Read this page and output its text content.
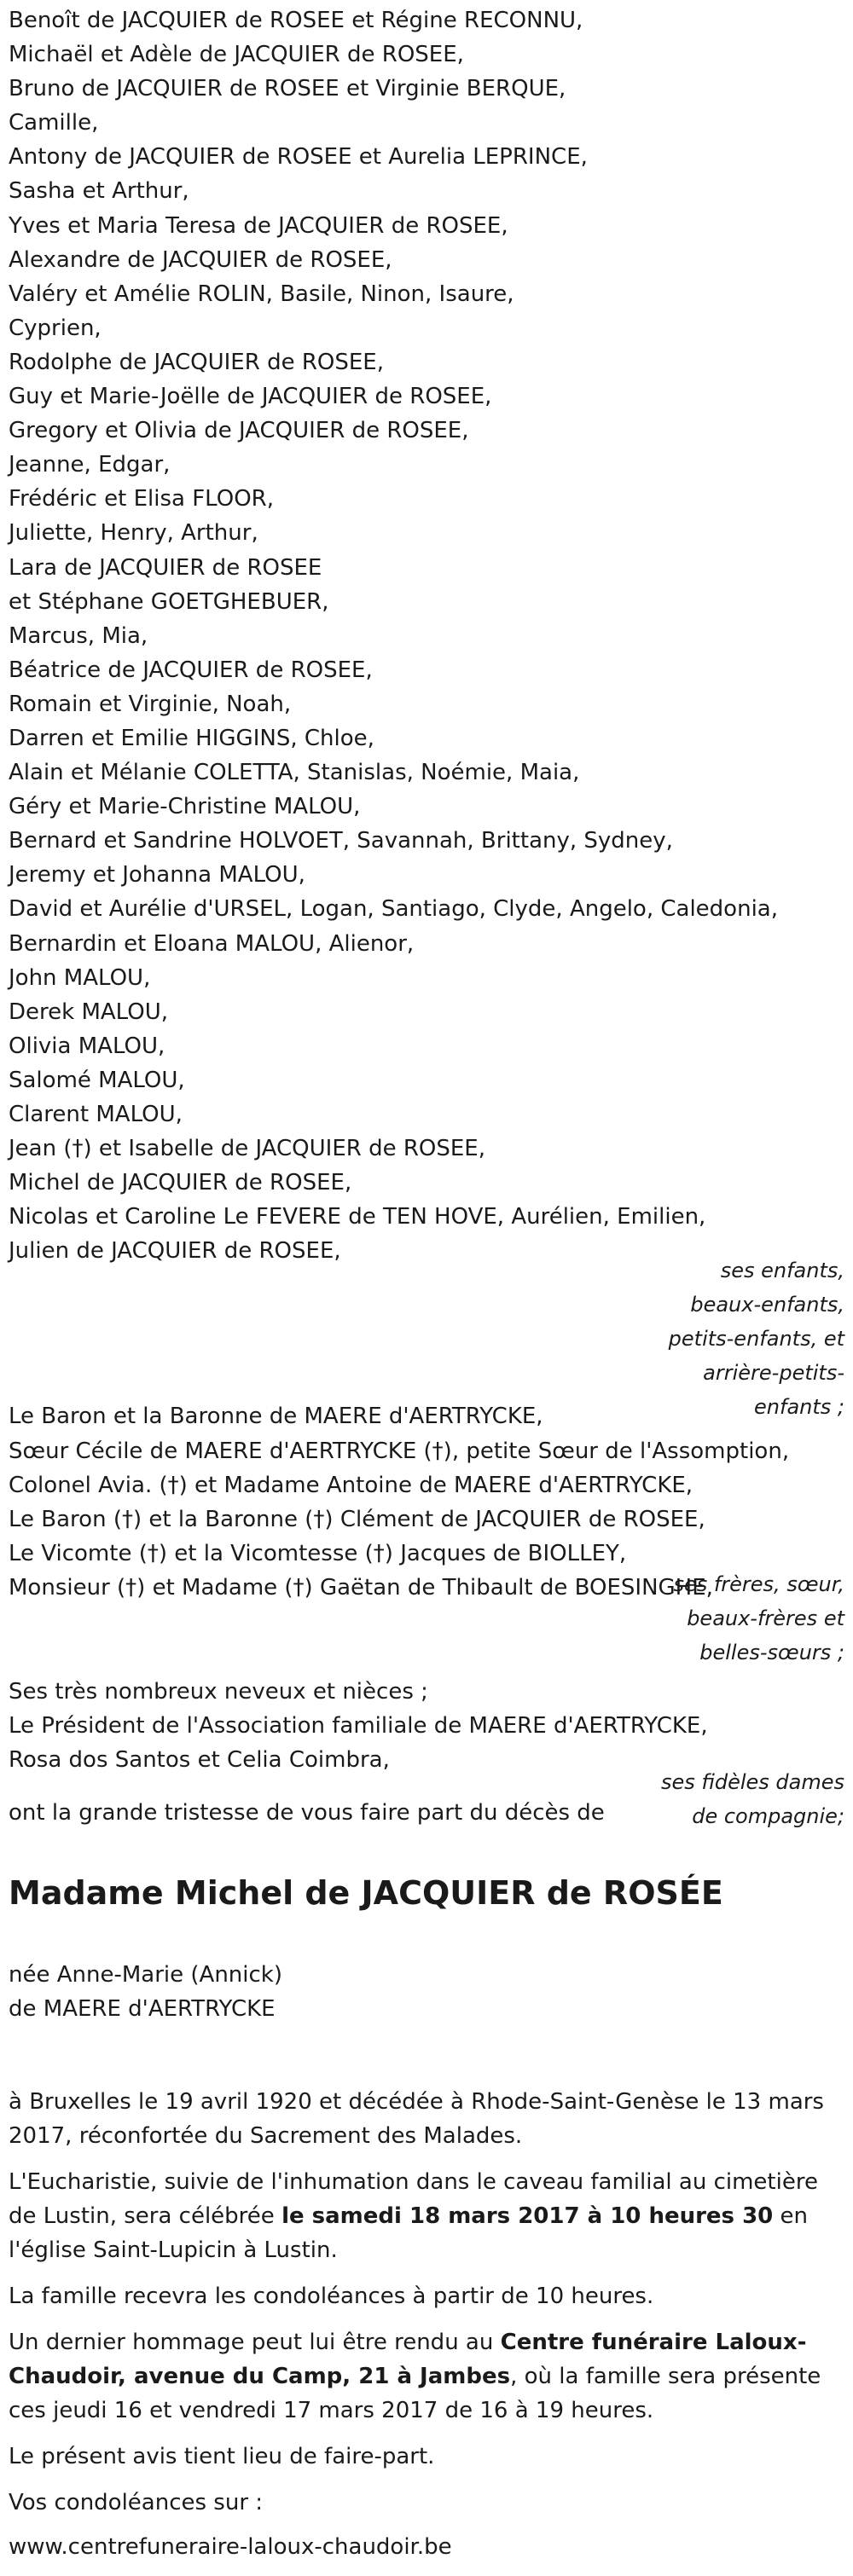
Benoît de JACQUIER de ROSEE et Régine RECONNU,

Michaël et Adèle de JACQUIER de ROSEE,

Bruno de JACQUIER de ROSEE et Virginie BERQUE,

Camille,

Antony de JACQUIER de ROSEE et Aurelia LEPRINCE,

Sasha et Arthur,

Yves et Maria Teresa de JACQUIER de ROSEE,

Alexandre de JACQUIER de ROSEE,

Valéry et Amélie ROLIN, Basile, Ninon, Isaure,

Cyprien,

Rodolphe de JACQUIER de ROSEE,

Guy et Marie-Joëlle de JACQUIER de ROSEE,

Gregory et Olivia de JACQUIER de ROSEE,

Jeanne, Edgar,

Frédéric et Elisa FLOOR,

Juliette, Henry, Arthur,

Lara de JACQUIER de ROSEE

et Stéphane GOETGHEBUER,

Marcus, Mia,

Béatrice de JACQUIER de ROSEE,

Romain et Virginie, Noah,

Darren et Emilie HIGGINS, Chloe,

Alain et Mélanie COLETTA, Stanislas, Noémie, Maia,

Géry et Marie-Christine MALOU,

Bernard et Sandrine HOLVOET, Savannah, Brittany, Sydney,

Jeremy et Johanna MALOU,

David et Aurélie d'URSEL, Logan, Santiago, Clyde, Angelo, Caledonia,

Bernardin et Eloana MALOU, Alienor,

John MALOU,

Derek MALOU,

Olivia MALOU,

Salomé MALOU,

Clarent MALOU,

Jean (†) et Isabelle de JACQUIER de ROSEE,

Michel de JACQUIER de ROSEE,

Nicolas et Caroline Le FEVERE de TEN HOVE, Aurélien, Emilien,

Julien de JACQUIER de ROSEE,

ses enfants, beaux-enfants, petits-enfants, et arrière-petits-enfants ;

Le Baron et la Baronne de MAERE d'AERTRYCKE,

Sœur Cécile de MAERE d'AERTRYCKE (†), petite Sœur de l'Assomption,

Colonel Avia. (†) et Madame Antoine de MAERE d'AERTRYCKE,

Le Baron (†) et la Baronne (†) Clément de JACQUIER de ROSEE,

Le Vicomte (†) et la Vicomtesse (†) Jacques de BIOLLEY,

Monsieur (†) et Madame (†) Gaëtan de Thibault de BOESINGHE,

ses frères, sœur, beaux-frères et belles-sœurs ;

Ses très nombreux neveux et nièces ;

Le Président de l'Association familiale de MAERE d'AERTRYCKE,

Rosa dos Santos et Celia Coimbra,

ses fidèles dames de compagnie;
ont la grande tristesse de vous faire part du décès de
Madame Michel de JACQUIER de ROSÉE
née Anne-Marie (Annick)
de MAERE d'AERTRYCKE

à Bruxelles le 19 avril 1920 et décédée à Rhode-Saint-Genèse le 13 mars 2017, réconfortée du Sacrement des Malades.

L'Eucharistie, suivie de l'inhumation dans le caveau familial au cimetière de Lustin, sera célébrée le samedi 18 mars 2017 à 10 heures 30 en l'église Saint-Lupicin à Lustin.

La famille recevra les condoléances à partir de 10 heures.

Un dernier hommage peut lui être rendu au Centre funéraire Laloux-Chaudoir, avenue du Camp, 21 à Jambes, où la famille sera présente ces jeudi 16 et vendredi 17 mars 2017 de 16 à 19 heures.

Le présent avis tient lieu de faire-part.

Vos condoléances sur :

www.centrefuneraire-laloux-chaudoir.be
